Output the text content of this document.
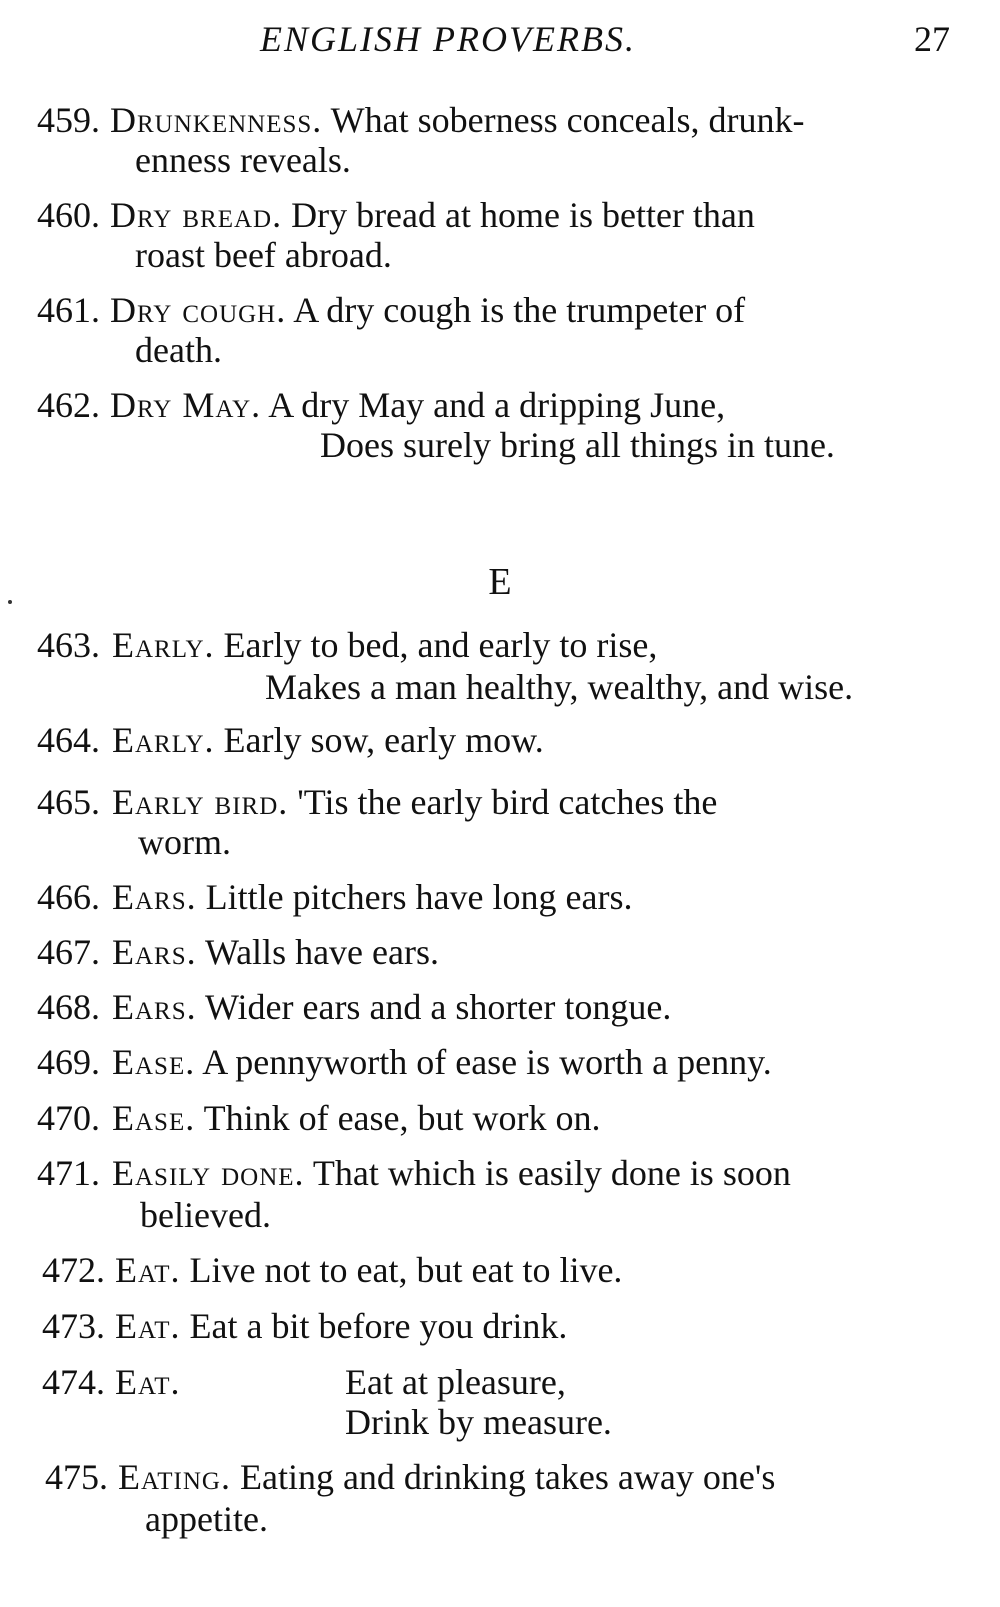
ENGLISH PROVERBS.	27
459. Drunkenness. What soberness conceals, drunk-
enness reveals.
460. Dry bread. Dry bread at home is better than
roast beef abroad.
461. Dry cough. A dry cough is the trumpeter of
death.
462. Dry May. A dry May and a dripping June,
Does surely bring all things in tune.
E
463. Early. Early to bed, and early to rise,
Makes a man healthy, wealthy, and wise.
464. Early. Early sow, early mow.
465. Early bird. 'Tis the early bird catches the
worm.
466. Ears. Little pitchers have long ears.
467. Ears. Walls have ears.
468. Ears. Wider ears and a shorter tongue.
469. Ease. A pennyworth of ease is worth a penny.
470. Ease. Think of ease, but work on.
471. Easily done. That which is easily done is soon
believed.
472. Eat. Live not to eat, but eat to live.
473. Eat. Eat a bit before you drink.
474. Eat.	Eat at pleasure,
Drink by measure.
475. Eating. Eating and drinking takes away one's
appetite.
